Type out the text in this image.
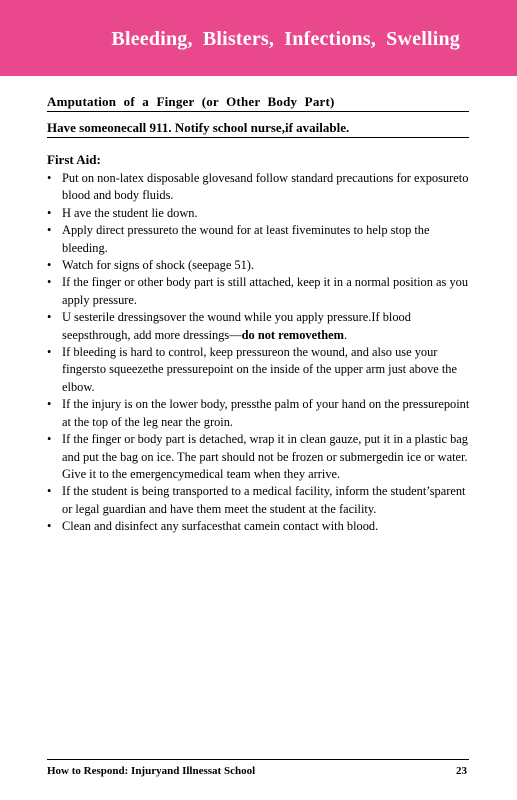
Bleeding, Blisters, Infections, Swelling
Amputation of a Finger (or Other Body Part)
Have someonecall 911. Notify school nurse,if available.
First Aid:
• Put on non-latex disposable glovesand follow standard precautions for exposureto blood and body fluids.
• H ave the student lie down.
• Apply direct pressureto the wound for at least fiveminutes to help stop the bleeding.
• Watch for signs of shock (seepage 51).
• If the finger or other body part is still attached, keep it in a normal position as you apply pressure.
• U sesterile dressingsover the wound while you apply pressure.If blood seepsthrough, add more dressings—do not removethem.
• If bleeding is hard to control, keep pressureon the wound, and also use your fingersto squeezethe pressurepoint on the inside of the upper arm just above the elbow.
• If the injury is on the lower body, pressthe palm of your hand on the pressurepoint at the top of the leg near the groin.
• If the finger or body part is detached, wrap it in clean gauze, put it in a plastic bag and put the bag on ice. The part should not be frozen or submergedin ice or water. Give it to the emergencymedical team when they arrive.
• If the student is being transported to a medical facility, inform the student’sparent or legal guardian and have them meet the student at the facility.
• Clean and disinfect any surfacesthat camein contact with blood.
How to Respond: Injuryand Illnessat School	23
